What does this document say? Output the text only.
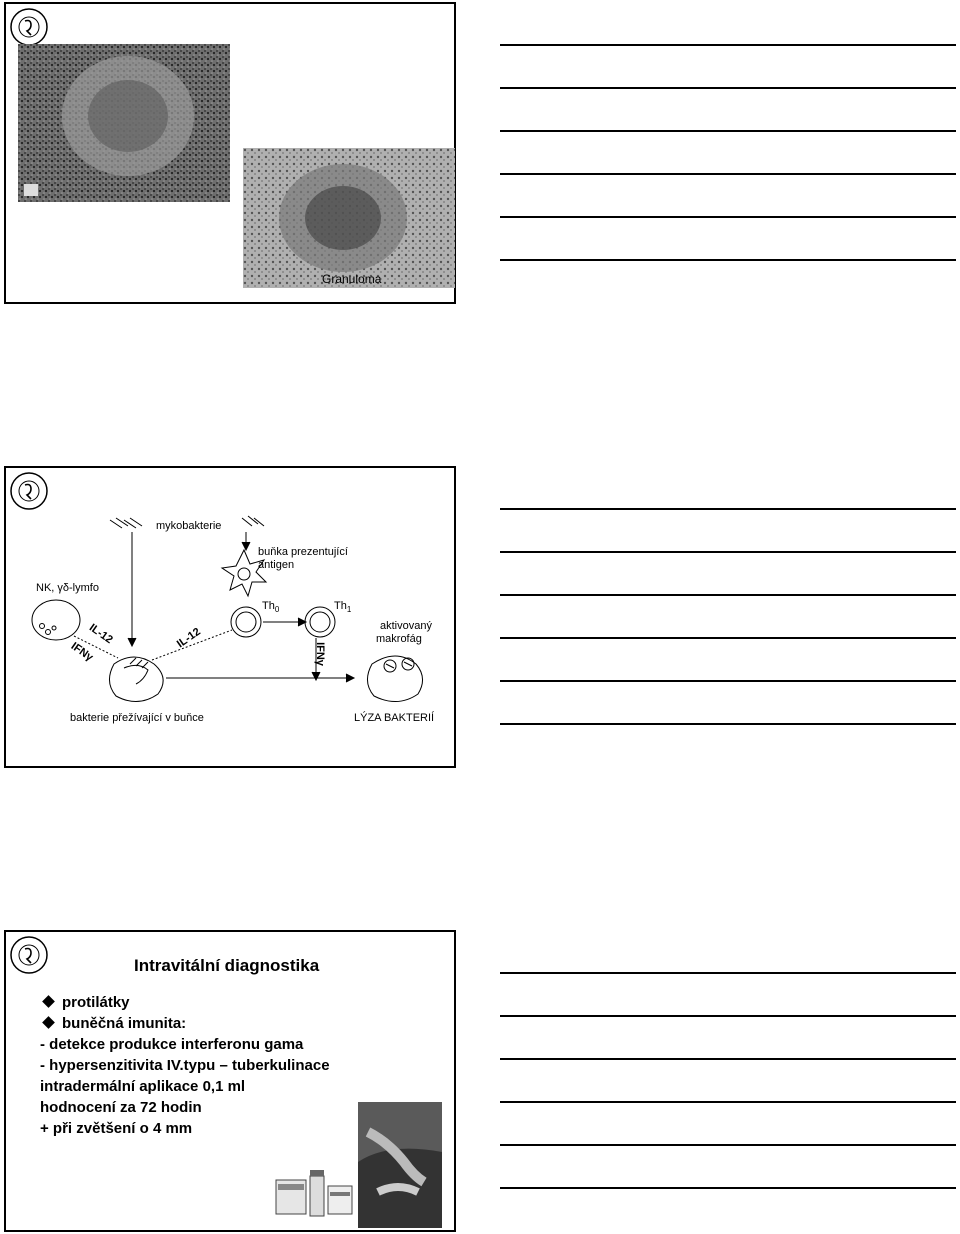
Granuloma
mykobakterie
buňka prezentující
antigen
NK, γδ-lymfo
$Th_0$	$Th_1$
aktivovaný
makrofág
IL-12
IFNγ
IL-12
IFNγ
bakterie přežívající v buňce	LÝZA BAKTERIÍ
Intravitální diagnostika
protilátky
buněčná imunita:
- detekce produkce interferonu gama
- hypersenzitivita IV.typu – tuberkulinace
intradermální aplikace 0,1 ml
hodnocení za 72 hodin
+ při zvětšení o 4 mm
